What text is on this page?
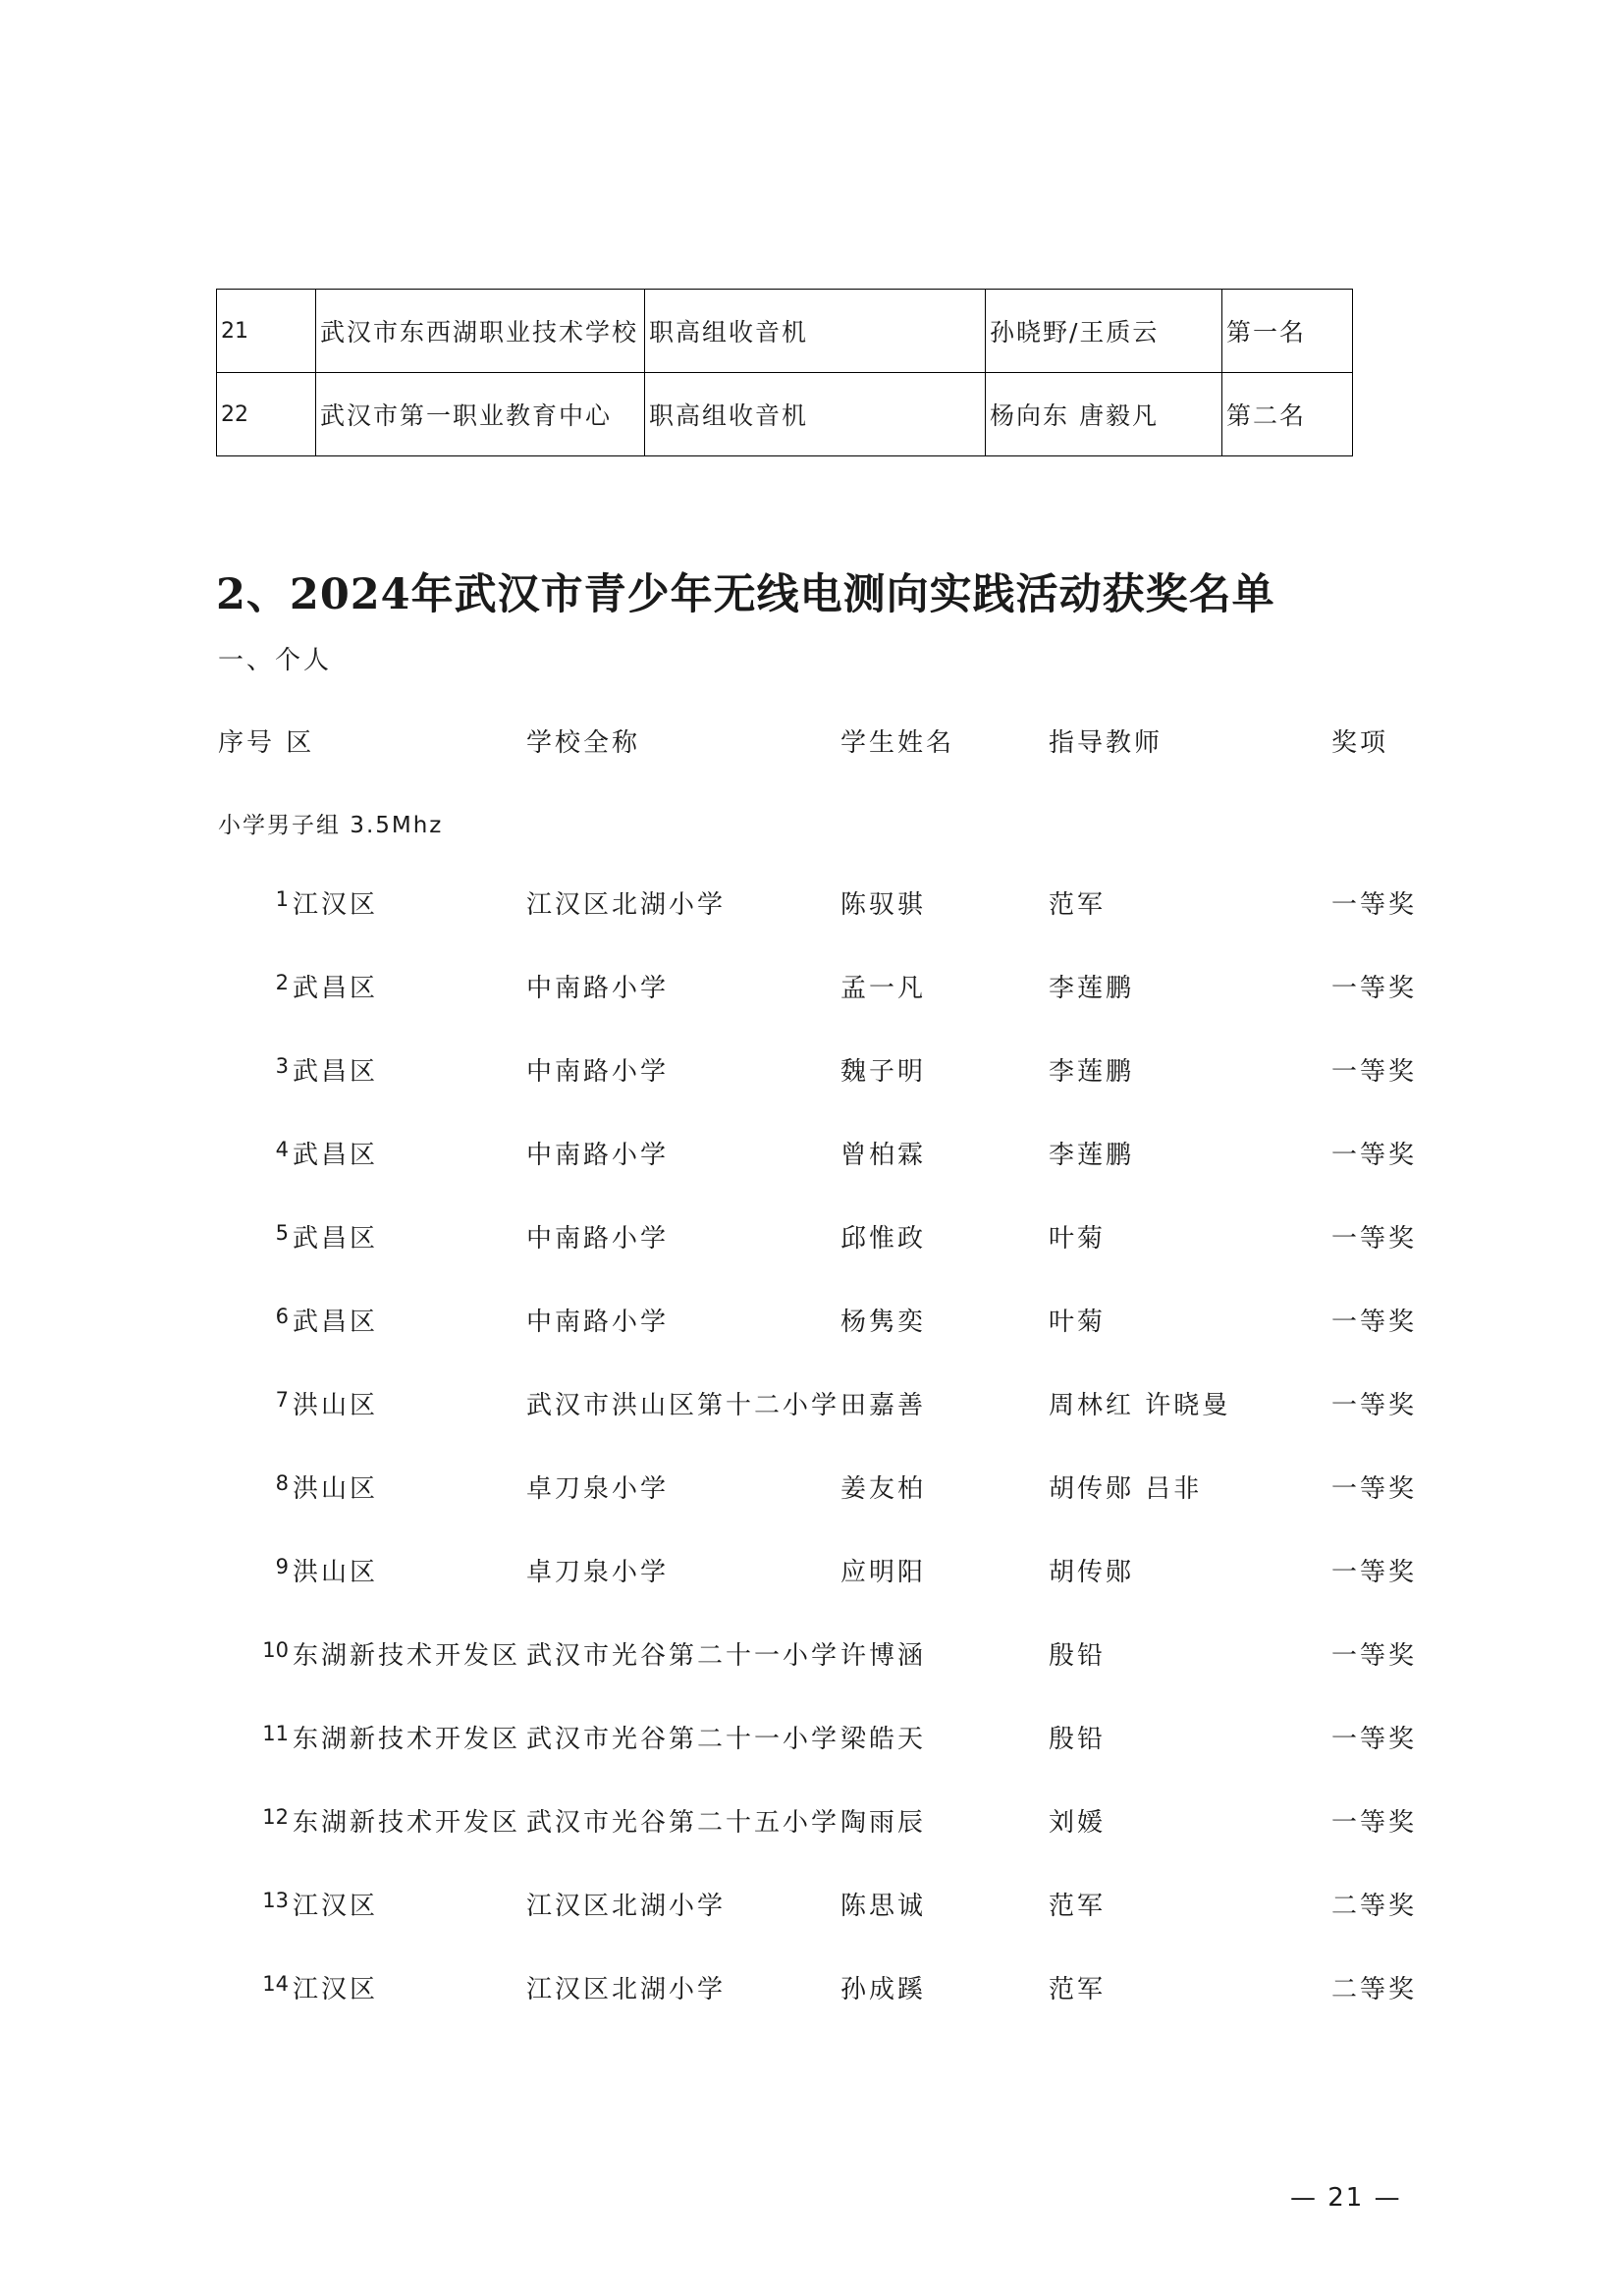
21	武汉市东西湖职业技术学校	职高组收音机	孙晓野/王质云	第一名
22	武汉市第一职业教育中心	职高组收音机	杨向东 唐毅凡	第二名
2、2024年武汉市青少年无线电测向实践活动获奖名单
一、个人
序号 区	学校全称	学生姓名	指导教师	奖项
小学男子组 3.5Mhz
1 江汉区	江汉区北湖小学	陈驭骐	范军	一等奖
2 武昌区	中南路小学	孟一凡	李莲鹏	一等奖
3 武昌区	中南路小学	魏子明	李莲鹏	一等奖
4 武昌区	中南路小学	曾柏霖	李莲鹏	一等奖
5 武昌区	中南路小学	邱惟政	叶菊	一等奖
6 武昌区	中南路小学	杨隽奕	叶菊	一等奖
7 洪山区	武汉市洪山区第十二小学 田嘉善	周林红 许晓曼	一等奖
8 洪山区	卓刀泉小学	姜友柏	胡传郧 吕非	一等奖
9 洪山区	卓刀泉小学	应明阳	胡传郧	一等奖
10 东湖新技术开发区 武汉市光谷第二十一小学 许博涵	殷铅	一等奖
11 东湖新技术开发区 武汉市光谷第二十一小学 梁皓天	殷铅	一等奖
12 东湖新技术开发区 武汉市光谷第二十五小学 陶雨辰	刘媛	一等奖
13 江汉区	江汉区北湖小学	陈思诚	范军	二等奖
14 江汉区	江汉区北湖小学	孙成蹊	范军	二等奖
— 21 —
